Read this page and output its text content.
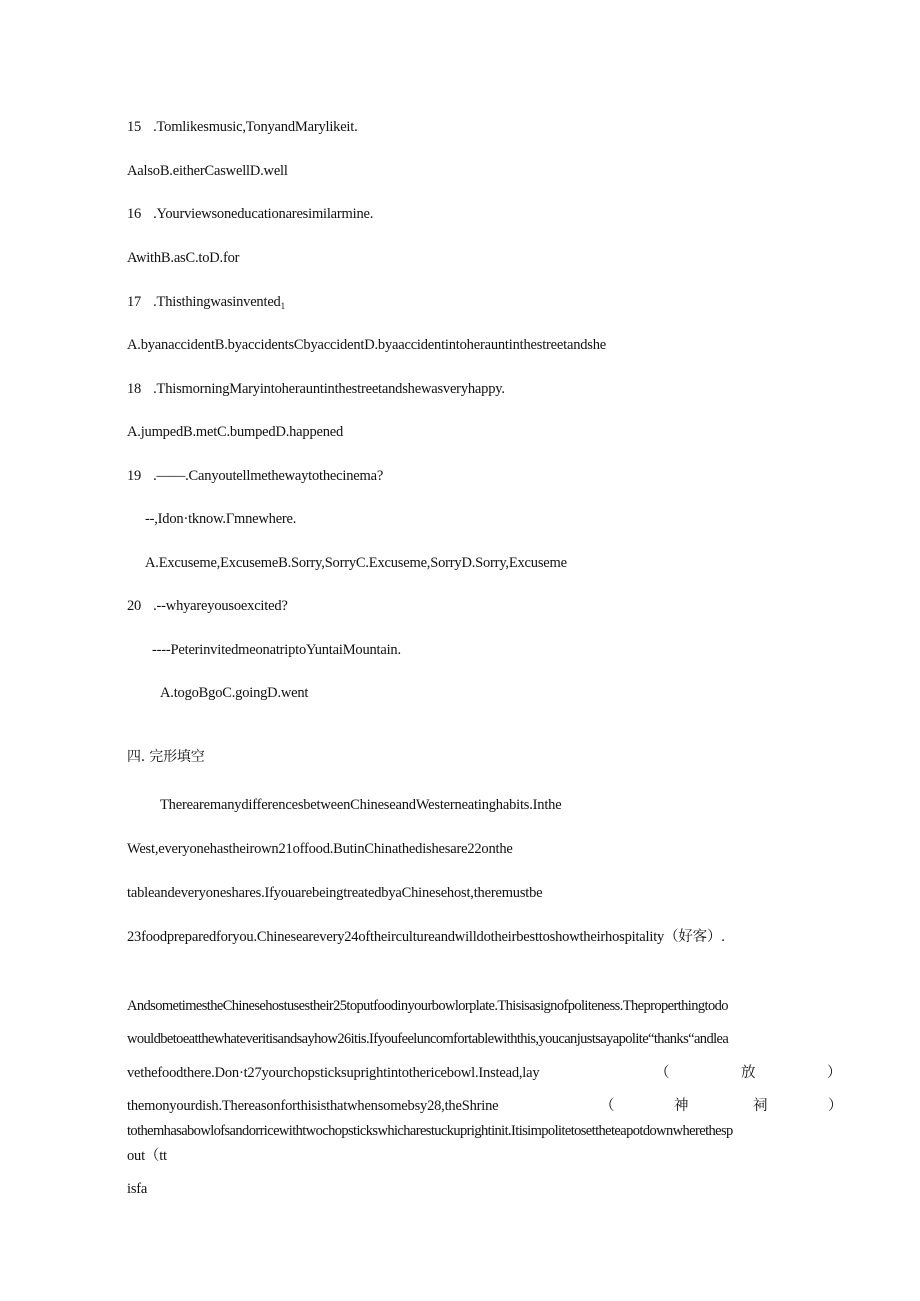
15 .Tomlikesmusic,TonyandMarylikeit.
AalsoB.eitherCaswellD.well
16 .Yourviewsoneducationaresimilarmine.
AwithB.asC.toD.for
17 .Thisthingwasinvented$_1$
A.byanaccidentB.byaccidentsCbyaccidentD.byaaccidentintoherauntinthestreetandshe
18 .ThismorningMaryintoherauntinthestreetandshewasveryhappy.
A.jumpedB.metC.bumpedD.happened
19 .——.Canyoutellmethewaytothecinema?
--,Idon·tknow.Γmnewhere.
A.Excuseme,ExcusemeB.Sorry,SorryC.Excuseme,SorryD.Sorry,Excuseme
20 .--whyareyousoexcited?
----PeterinvitedmeonatriptoYuntaiMountain.
A.togoBgoC.goingD.went
四. 完形填空
TherearemanydifferencesbetweenChineseandWesterneatinghabits.Inthe
West,everyonehastheirown21offood.ButinChinathedishesare22onthe
tableandeveryoneshares.IfyouarebeingtreatedbyaChinesehost,theremustbe
23foodpreparedforyou.Chinesearevery24oftheircultureandwilldotheirbesttoshowtheirhospitality（好客）.
AndsometimestheChinesehostusestheir25toputfoodinyourbowlorplate.Thisisasignofpoliteness.Theproperthingtodo
wouldbetoeatthewhateveritisandsayhow26itis.Ifyoufeeluncomfortablewiththis,youcanjustsayapolite“thanks“andlea
vethefoodthere.Don·t27yourchopsticksuprightintothericebowl.Instead,lay	（	放	）
themonyourdish.Thereasonforthisisthatwhensomebsy28,theShrine	（	神	祠	）
tothemhasabowlofsandorricewithtwochopstickswhicharestuckuprightinit.Itisimpolitetosettheteapotdownwherethesp
out（tt
isfa
